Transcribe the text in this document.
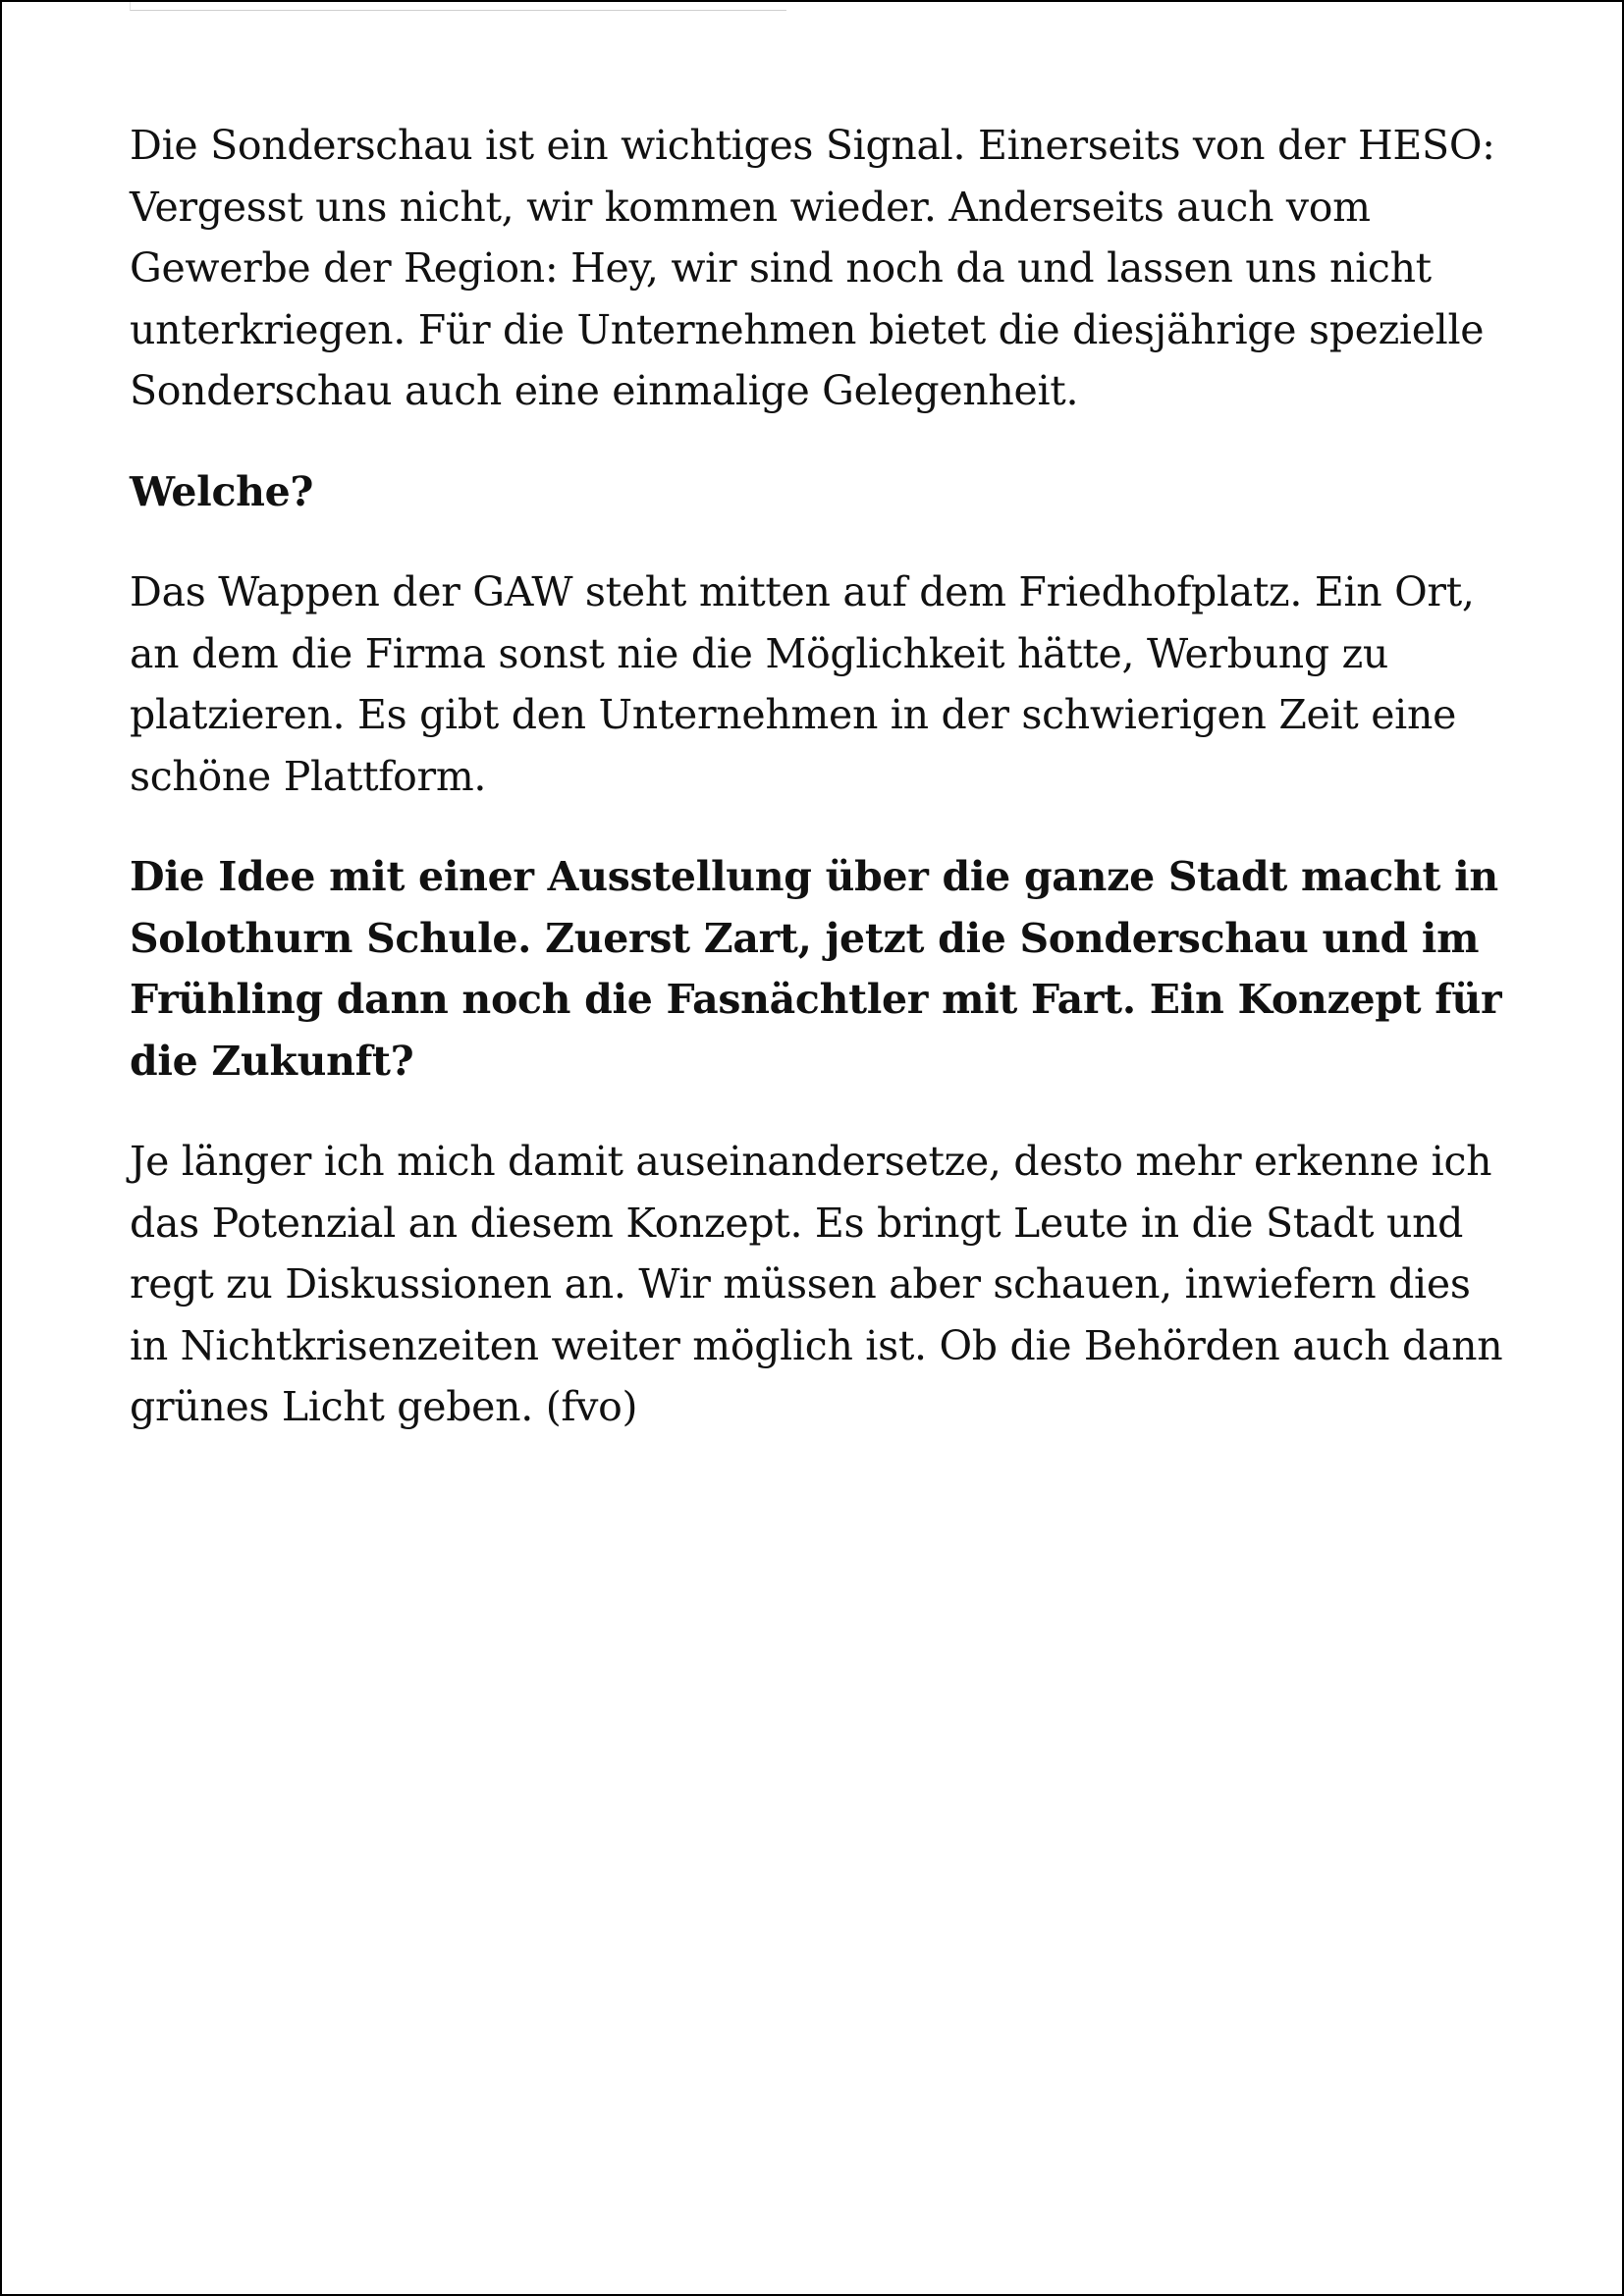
Die Sonderschau ist ein wichtiges Signal. Einerseits von der HESO: Vergesst uns nicht, wir kommen wieder. Anderseits auch vom Gewerbe der Region: Hey, wir sind noch da und lassen uns nicht unterkriegen. Für die Unternehmen bietet die diesjährige spezielle Sonderschau auch eine einmalige Gelegenheit.

Welche?

Das Wappen der GAW steht mitten auf dem Friedhofplatz. Ein Ort, an dem die Firma sonst nie die Möglichkeit hätte, Werbung zu platzieren. Es gibt den Unternehmen in der schwierigen Zeit eine schöne Plattform.

Die Idee mit einer Ausstellung über die ganze Stadt macht in Solothurn Schule. Zuerst Zart, jetzt die Sonderschau und im Frühling dann noch die Fasnächtler mit Fart. Ein Konzept für die Zukunft?

Je länger ich mich damit auseinandersetze, desto mehr erkenne ich das Potenzial an diesem Konzept. Es bringt Leute in die Stadt und regt zu Diskussionen an. Wir müssen aber schauen, inwiefern dies in Nichtkrisenzeiten weiter möglich ist. Ob die Behörden auch dann grünes Licht geben. (fvo)
